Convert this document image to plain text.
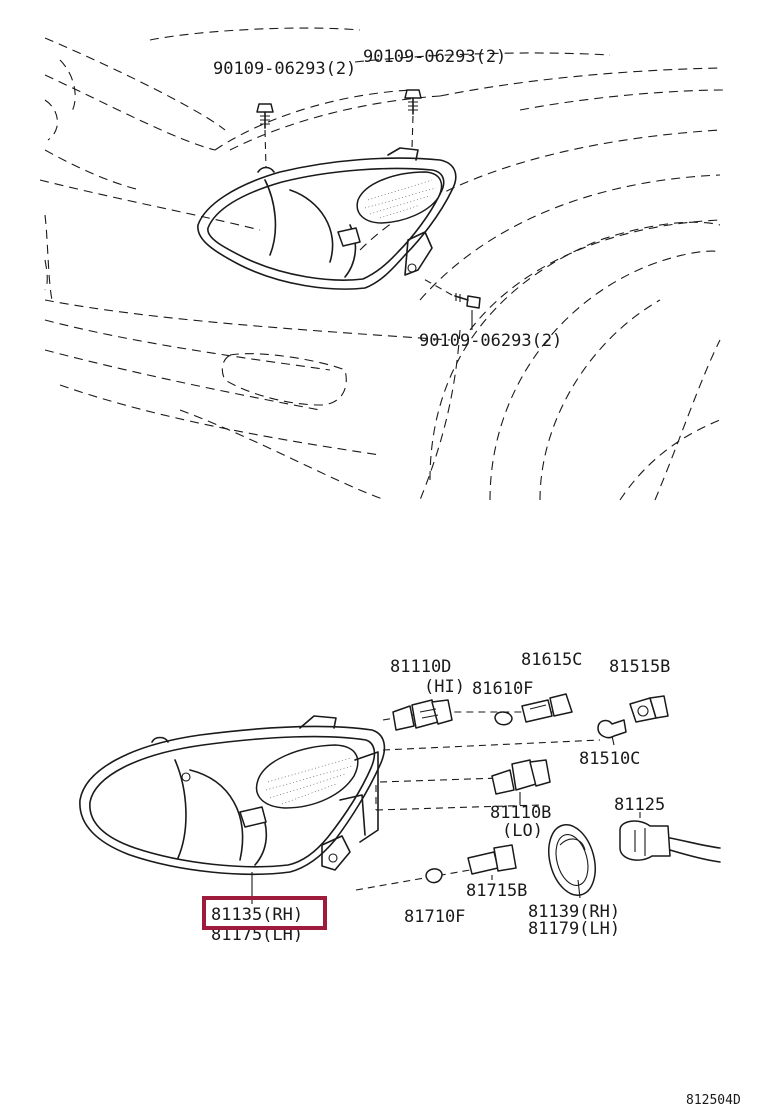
90109-06293(2)
90109-06293(2)
90109-06293(2)
81110D
(HI)
81615C
81610F
81515B
81510C
81110B
(LO)
81125
81715B
81710F	81139(RH)
81179(LH)
81135(RH)
81175(LH)
812504D
